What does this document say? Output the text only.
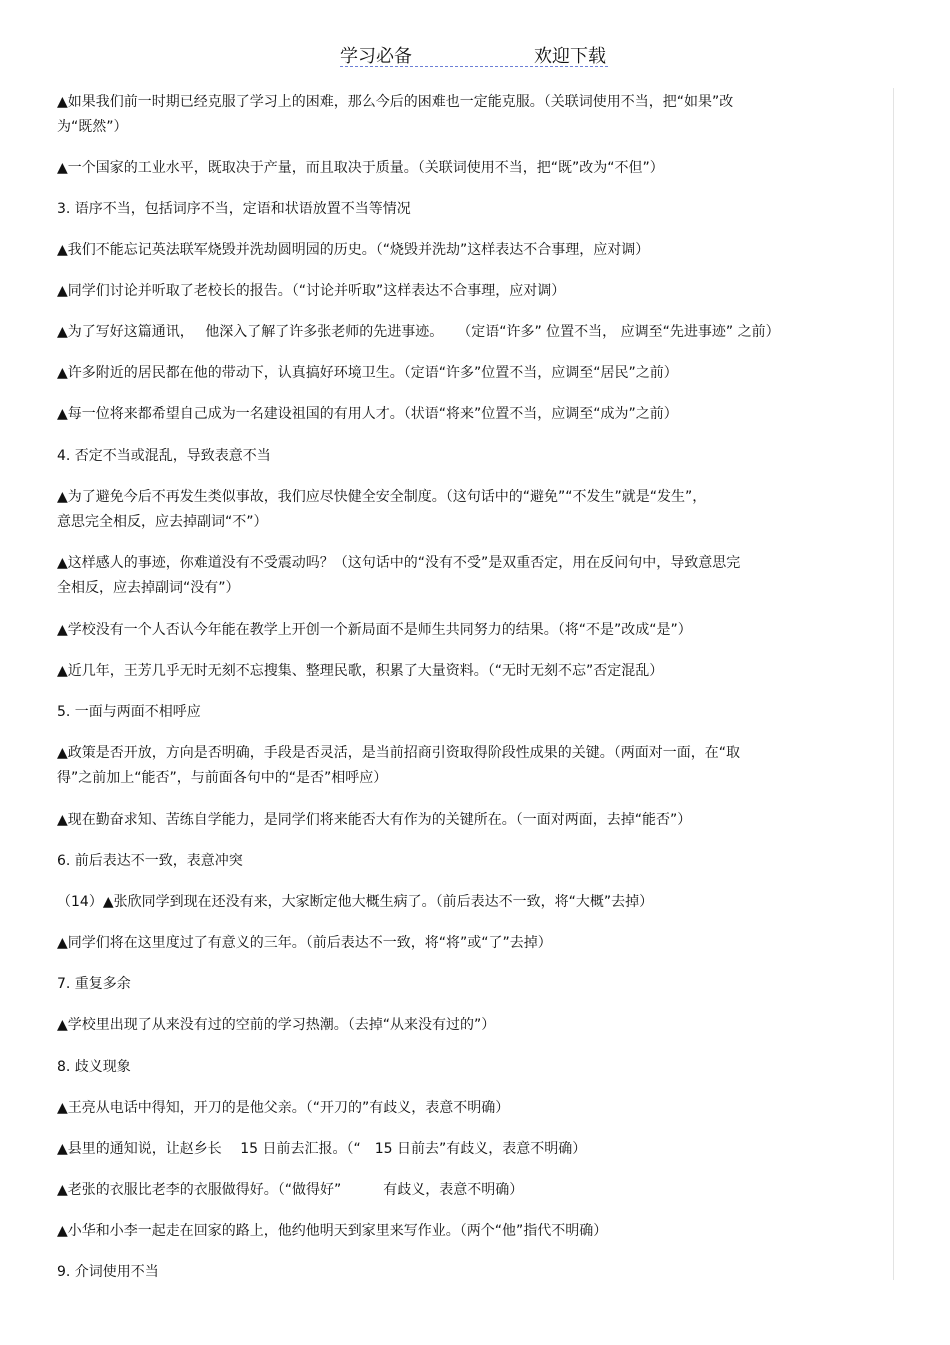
学习必备	欢迎下载
▲如果我们前一时期已经克服了学习上的困难，那么今后的困难也一定能克服。（关联词使用不当，把“如果”改
为“既然”）
▲一个国家的工业水平，既取决于产量，而且取决于质量。（关联词使用不当，把“既”改为“不但”）
3. 语序不当，包括词序不当，定语和状语放置不当等情况
▲我们不能忘记英法联军烧毁并洗劫圆明园的历史。（“烧毁并洗劫”这样表达不合事理，应对调）
▲同学们讨论并听取了老校长的报告。（“讨论并听取”这样表达不合事理，应对调）
▲为了写好这篇通讯，　 他深入了解了许多张老师的先进事迹。　　（定语“许多” 位置不当， 应调至“先进事迹” 之前）
▲许多附近的居民都在他的带动下，认真搞好环境卫生。（定语“许多”位置不当，应调至“居民”之前）
▲每一位将来都希望自己成为一名建设祖国的有用人才。（状语“将来”位置不当，应调至“成为”之前）
4. 否定不当或混乱，导致表意不当
▲为了避免今后不再发生类似事故，我们应尽快健全安全制度。（这句话中的“避免”“不发生”就是“发生”，
意思完全相反，应去掉副词“不”）
▲这样感人的事迹，你难道没有不受震动吗？（这句话中的“没有不受”是双重否定，用在反问句中，导致意思完
全相反，应去掉副词“没有”）
▲学校没有一个人否认今年能在教学上开创一个新局面不是师生共同努力的结果。（将“不是”改成“是”）
▲近几年，王芳几乎无时无刻不忘搜集、整理民歌，积累了大量资料。（“无时无刻不忘”否定混乱）
5. 一面与两面不相呼应
▲政策是否开放，方向是否明确，手段是否灵活，是当前招商引资取得阶段性成果的关键。（两面对一面，在“取
得”之前加上“能否”，与前面各句中的“是否”相呼应）
▲现在勤奋求知、苦练自学能力，是同学们将来能否大有作为的关键所在。（一面对两面，去掉“能否”）
6. 前后表达不一致，表意冲突
（14）▲张欣同学到现在还没有来，大家断定他大概生病了。（前后表达不一致，将“大概”去掉）
▲同学们将在这里度过了有意义的三年。（前后表达不一致，将“将”或“了”去掉）
7. 重复多余
▲学校里出现了从来没有过的空前的学习热潮。（去掉“从来没有过的”）
8. 歧义现象
▲王亮从电话中得知，开刀的是他父亲。（“开刀的”有歧义，表意不明确）
▲县里的通知说，让赵乡长　 15 日前去汇报。（“　15 日前去”有歧义，表意不明确）
▲老张的衣服比老李的衣服做得好。（“做得好”　　　有歧义，表意不明确）
▲小华和小李一起走在回家的路上，他约他明天到家里来写作业。（两个“他”指代不明确）
9. 介词使用不当
